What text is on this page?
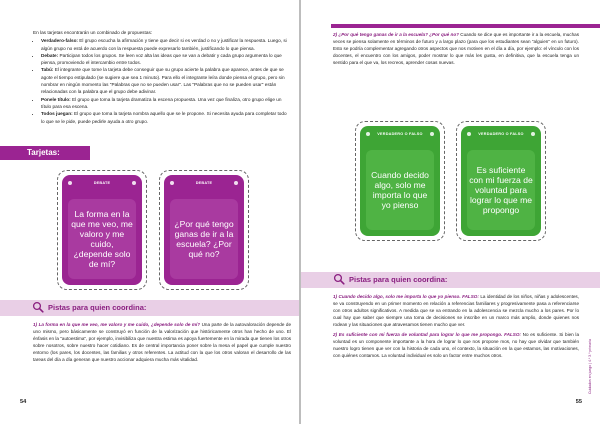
En las tarjetas encontrarán un combinado de propuestas:

• Verdadero-falso: El grupo escucha la afirmación y tiene que decir si es verdad o no y justificar la respuesta. Luego, si algún grupo no está de acuerdo con la respuesta puede expresarlo también, justificando lo que piensa.
• Debate: Participan todos los grupos. Se leen voz alta las ideas que se van a debatir y cada grupo argumenta lo que piensa, promoviendo el intercambio entre todos.
• Tabú: El integrante que tome la tarjeta debe conseguir que su grupo acierte la palabra que aparece, antes de que se agote el tiempo estipulado (se sugiere que sea 1 minuto). Para ello el integrante leíra donde piensa el grupo, pero sin nombrar en ningún momento las "Palabras que no se pueden usar". Las "Palabras que no se pueden usar" están relacionadas con la palabra que el grupo debe adivinar.
• Ponele título: El grupo que toma la tarjeta dramatiza la escena propuesta. Una vez que finaliza, otro grupo elige un título para esa escena.
• Todos juegan: El grupo que toma la tarjeta nombra aquello que se le propone. Si necesita ayuda para completar todo lo que se le pide, puede pedirle ayuda a otro grupo.
Tarjetas:
DEBATE
La forma en la que me veo, me valoro y me cuido, ¿depende solo de mí?
DEBATE
¿Por qué tengo ganas de ir a la escuela? ¿Por qué no?
Pistas para quien coordina:

1) La forma en la que me veo, me valoro y me cuido, ¿depende solo de mí? Una parte de la autovaloración depende de uno mismo, pero básicamente se construyó en función de la valorización que históricamente otros han hecho de uno. El énfasis en la "autoestima", por ejemplo, invisibiliza que nuestra estima es apoya fuertemente en la mirada que tienen los otros sobre nosotros, sobre nuestro hacer cotidiano. Es de central importancia poner sobre la mesa el papel que cumple nuestro entorno (los pares, los docentes, las familias y otros referentes. La actitud con la que los otros valoran el desarrollo de las tareas del día a día generan que nuestro accionar adquiera mucha más vitalidad.

54

2) ¿Por qué tengo ganas de ir a la escuela? ¿Por qué no? Cuando se dice que es importante ir a la escuela, muchas veces se piensa solamente en términos de futuro y a largo plazo (para que los estudiantes sean "alguien" en un futuro). Esto se podría complementar agregando otros aspectos que nos motiven en el día a día, por ejemplo: el vínculo con los docentes, el encuentro con los amigos, poder mostrar lo que más les gusta, en definitiva, que la escuela tenga un sentido para el que va, los recreos, aprender cosas nuevas.

VERDADERO O FALSO
Cuando decido algo, solo me importa lo que yo pienso
VERDADERO O FALSO
Es suficiente con mi fuerza de voluntad para lograr lo que me propongo
Pistas para quien coordina:

1) Cuando decido algo, solo me importa lo que yo pienso. FALSO: La identidad de los niños, niñas y adolescentes, se va construyendo en un primer momento en relación a referencias familiares y progresivamente pasa a referenciarse con otros adultos significativos. A medida que se va entrando en la adolescencia se mezcla mucho a los pares. Por lo cual hay que saber que siempre una toma de decisiones se inscribe en un marco más amplio, donde quienes nos rodean y las situaciones que atravesamos tienen mucho que ver.

2) Es suficiente con mi fuerza de voluntad para lograr lo que me propongo. FALSO: No es suficiente. Si bien la voluntad es un componente importante a la hora de lograr lo que nos propone mos, no hay que olvidar que también nuestro logro tienen que ver con la historia de cada uno, el contexto, la situación en la que estamos, las motivaciones, con quiénes contamos. La voluntad individual es solo un factor entre muchos otros.	Cuidados en juego | 4.º 3.º primaria
55
